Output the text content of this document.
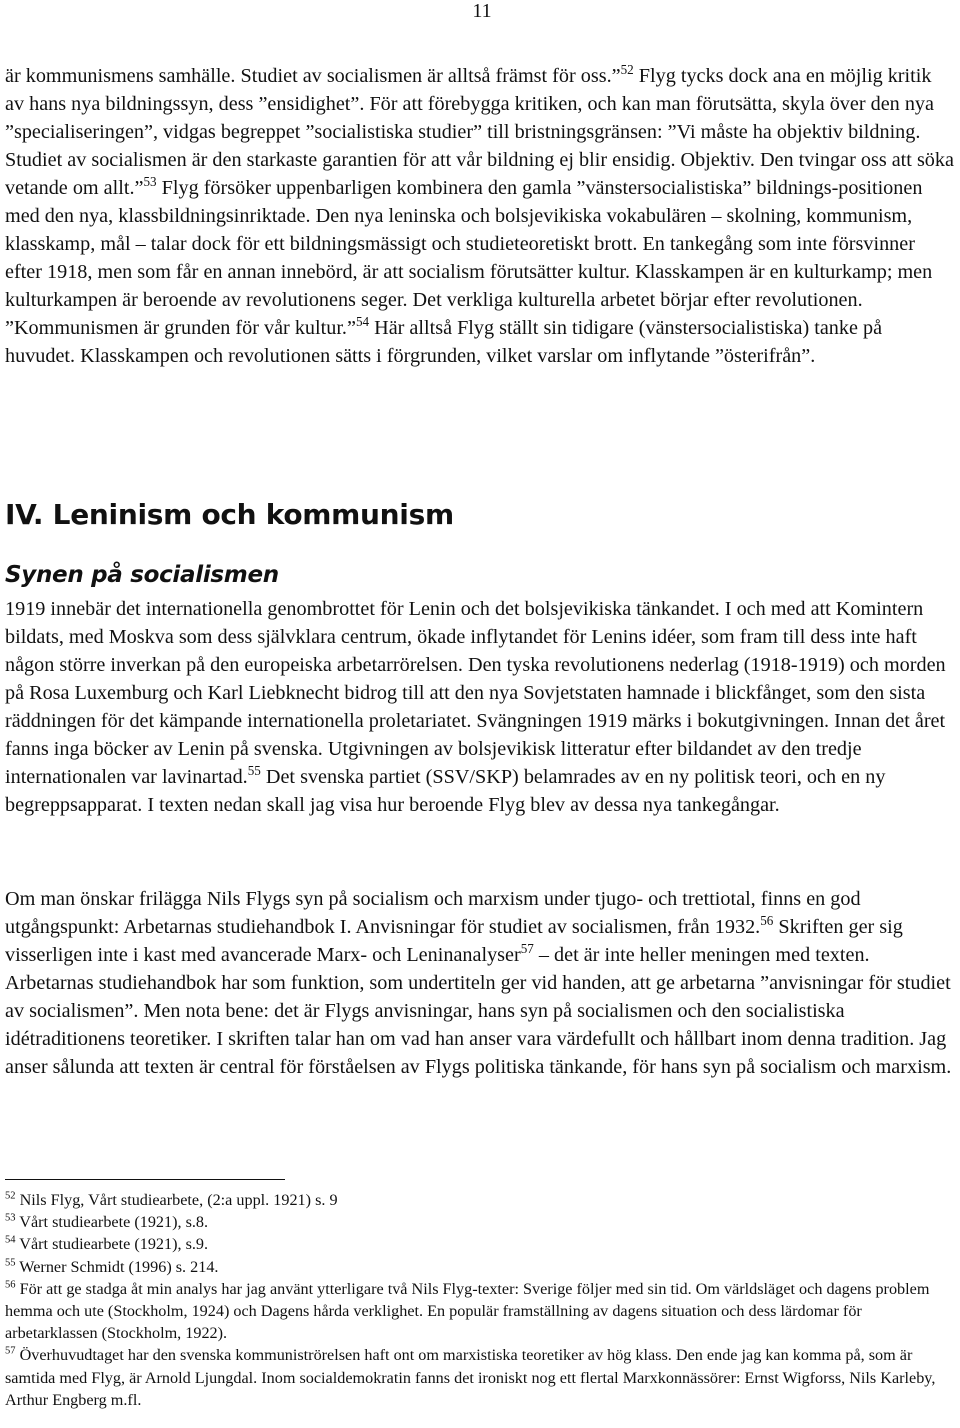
11

är kommunismens samhälle. Studiet av socialismen är alltså främst för oss.”$^{52}$ Flyg tycks dock ana en möjlig kritik av hans nya bildningssyn, dess ”ensidighet”. För att förebygga kritiken, och kan man förutsätta, skyla över den nya ”specialiseringen”, vidgas begreppet ”socialistiska studier” till bristningsgränsen: ”Vi måste ha objektiv bildning. Studiet av socialismen är den starkaste garantien för att vår bildning ej blir ensidig. Objektiv. Den tvingar oss att söka vetande om allt.”$^{53}$ Flyg försöker uppenbarligen kombinera den gamla ”vänstersocialistiska” bildnings-positionen med den nya, klassbildningsinriktade. Den nya leninska och bolsjevikiska vokabulären – skolning, kommunism, klasskamp, mål – talar dock för ett bildningsmässigt och studieteoretiskt brott. En tankegång som inte försvinner efter 1918, men som får en annan innebörd, är att socialism förutsätter kultur. Klasskampen är en kulturkamp; men kulturkampen är beroende av revolutionens seger. Det verkliga kulturella arbetet börjar efter revolutionen. ”Kommunismen är grunden för vår kultur.”$^{54}$ Här alltså Flyg ställt sin tidigare (vänstersocialistiska) tanke på huvudet. Klasskampen och revolutionen sätts i förgrunden, vilket varslar om inflytande ”österifrån”.

IV. Leninism och kommunism
Synen på socialismen

1919 innebär det internationella genombrottet för Lenin och det bolsjevikiska tänkandet. I och med att Komintern bildats, med Moskva som dess självklara centrum, ökade inflytandet för Lenins idéer, som fram till dess inte haft någon större inverkan på den europeiska arbetarrörelsen. Den tyska revolutionens nederlag (1918-1919) och morden på Rosa Luxemburg och Karl Liebknecht bidrog till att den nya Sovjetstaten hamnade i blickfånget, som den sista räddningen för det kämpande internationella proletariatet. Svängningen 1919 märks i bokutgivningen. Innan det året fanns inga böcker av Lenin på svenska. Utgivningen av bolsjevikisk litteratur efter bildandet av den tredje internationalen var lavinartad.$^{55}$ Det svenska partiet (SSV/SKP) belamrades av en ny politisk teori, och en ny begreppsapparat. I texten nedan skall jag visa hur beroende Flyg blev av dessa nya tankegångar.

Om man önskar frilägga Nils Flygs syn på socialism och marxism under tjugo- och trettiotal, finns en god utgångspunkt: Arbetarnas studiehandbok I. Anvisningar för studiet av socialismen, från 1932.56 Skriften ger sig visserligen inte i kast med avancerade Marx- och Leninanalyser$^{57}$ – det är inte heller meningen med texten. Arbetarnas studiehandbok har som funktion, som undertiteln ger vid handen, att ge arbetarna ”anvisningar för studiet av socialismen”. Men nota bene: det är Flygs anvisningar, hans syn på socialismen och den socialistiska idétraditionens teoretiker. I skriften talar han om vad han anser vara värdefullt och hållbart inom denna tradition. Jag anser sålunda att texten är central för förståelsen av Flygs politiska tänkande, för hans syn på socialism och marxism.

$^{52}$ Nils Flyg, Vårt studiearbete, (2:a uppl. 1921) s. 9

$^{53}$ Vårt studiearbete (1921), s.8.

$^{54}$ Vårt studiearbete (1921), s.9.

$^{55}$ Werner Schmidt (1996) s. 214.

$^{56}$ För att ge stadga åt min analys har jag använt ytterligare två Nils Flyg-texter: Sverige följer med sin tid. Om världsläget och dagens problem hemma och ute (Stockholm, 1924) och Dagens hårda verklighet. En populär framställning av dagens situation och dess lärdomar för arbetarklassen (Stockholm, 1922).

$^{57}$ Överhuvudtaget har den svenska kommuniströrelsen haft ont om marxistiska teoretiker av hög klass. Den ende jag kan komma på, som är samtida med Flyg, är Arnold Ljungdal. Inom socialdemokratin fanns det ironiskt nog ett flertal Marxkonnässörer: Ernst Wigforss, Nils Karleby, Arthur Engberg m.fl.
